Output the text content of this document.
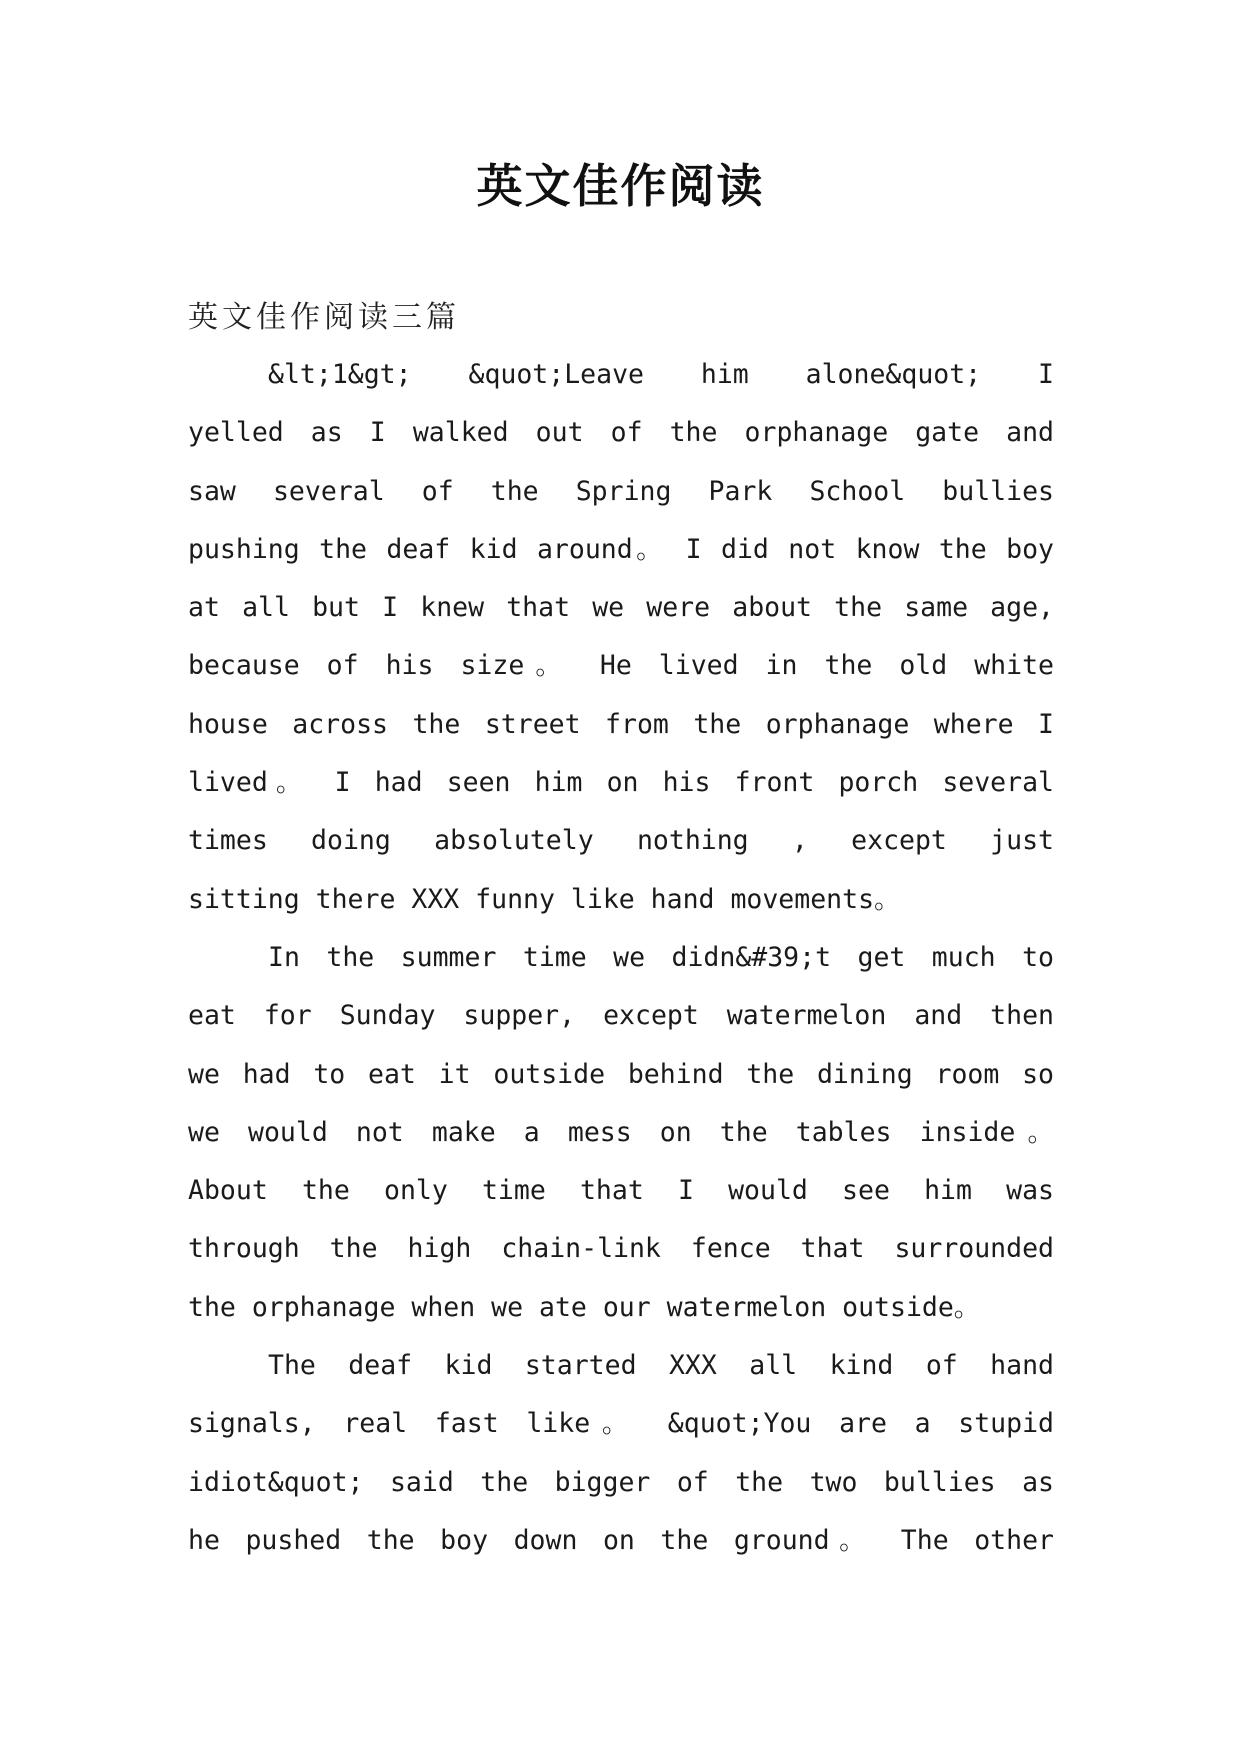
英文佳作阅读
英文佳作阅读三篇
&lt;1&gt; &quot;Leave him alone&quot; I
yelled as I walked out of the orphanage gate and
saw several of the Spring Park School bullies
pushing the deaf kid around。 I did not know the boy
at all but I knew that we were about the same age,
because of his size。 He lived in the old white
house across the street from the orphanage where I
lived。 I had seen him on his front porch several
times doing absolutely nothing , except just
sitting there XXX funny like hand movements。
In the summer time we didn&#39;t get much to
eat for Sunday supper, except watermelon and then
we had to eat it outside behind the dining room so
we would not make a mess on the tables inside。
About the only time that I would see him was
through the high chain-link fence that surrounded
the orphanage when we ate our watermelon outside。
The deaf kid started XXX all kind of hand
signals, real fast like。 &quot;You are a stupid
idiot&quot; said the bigger of the two bullies as
he pushed the boy down on the ground。 The other
